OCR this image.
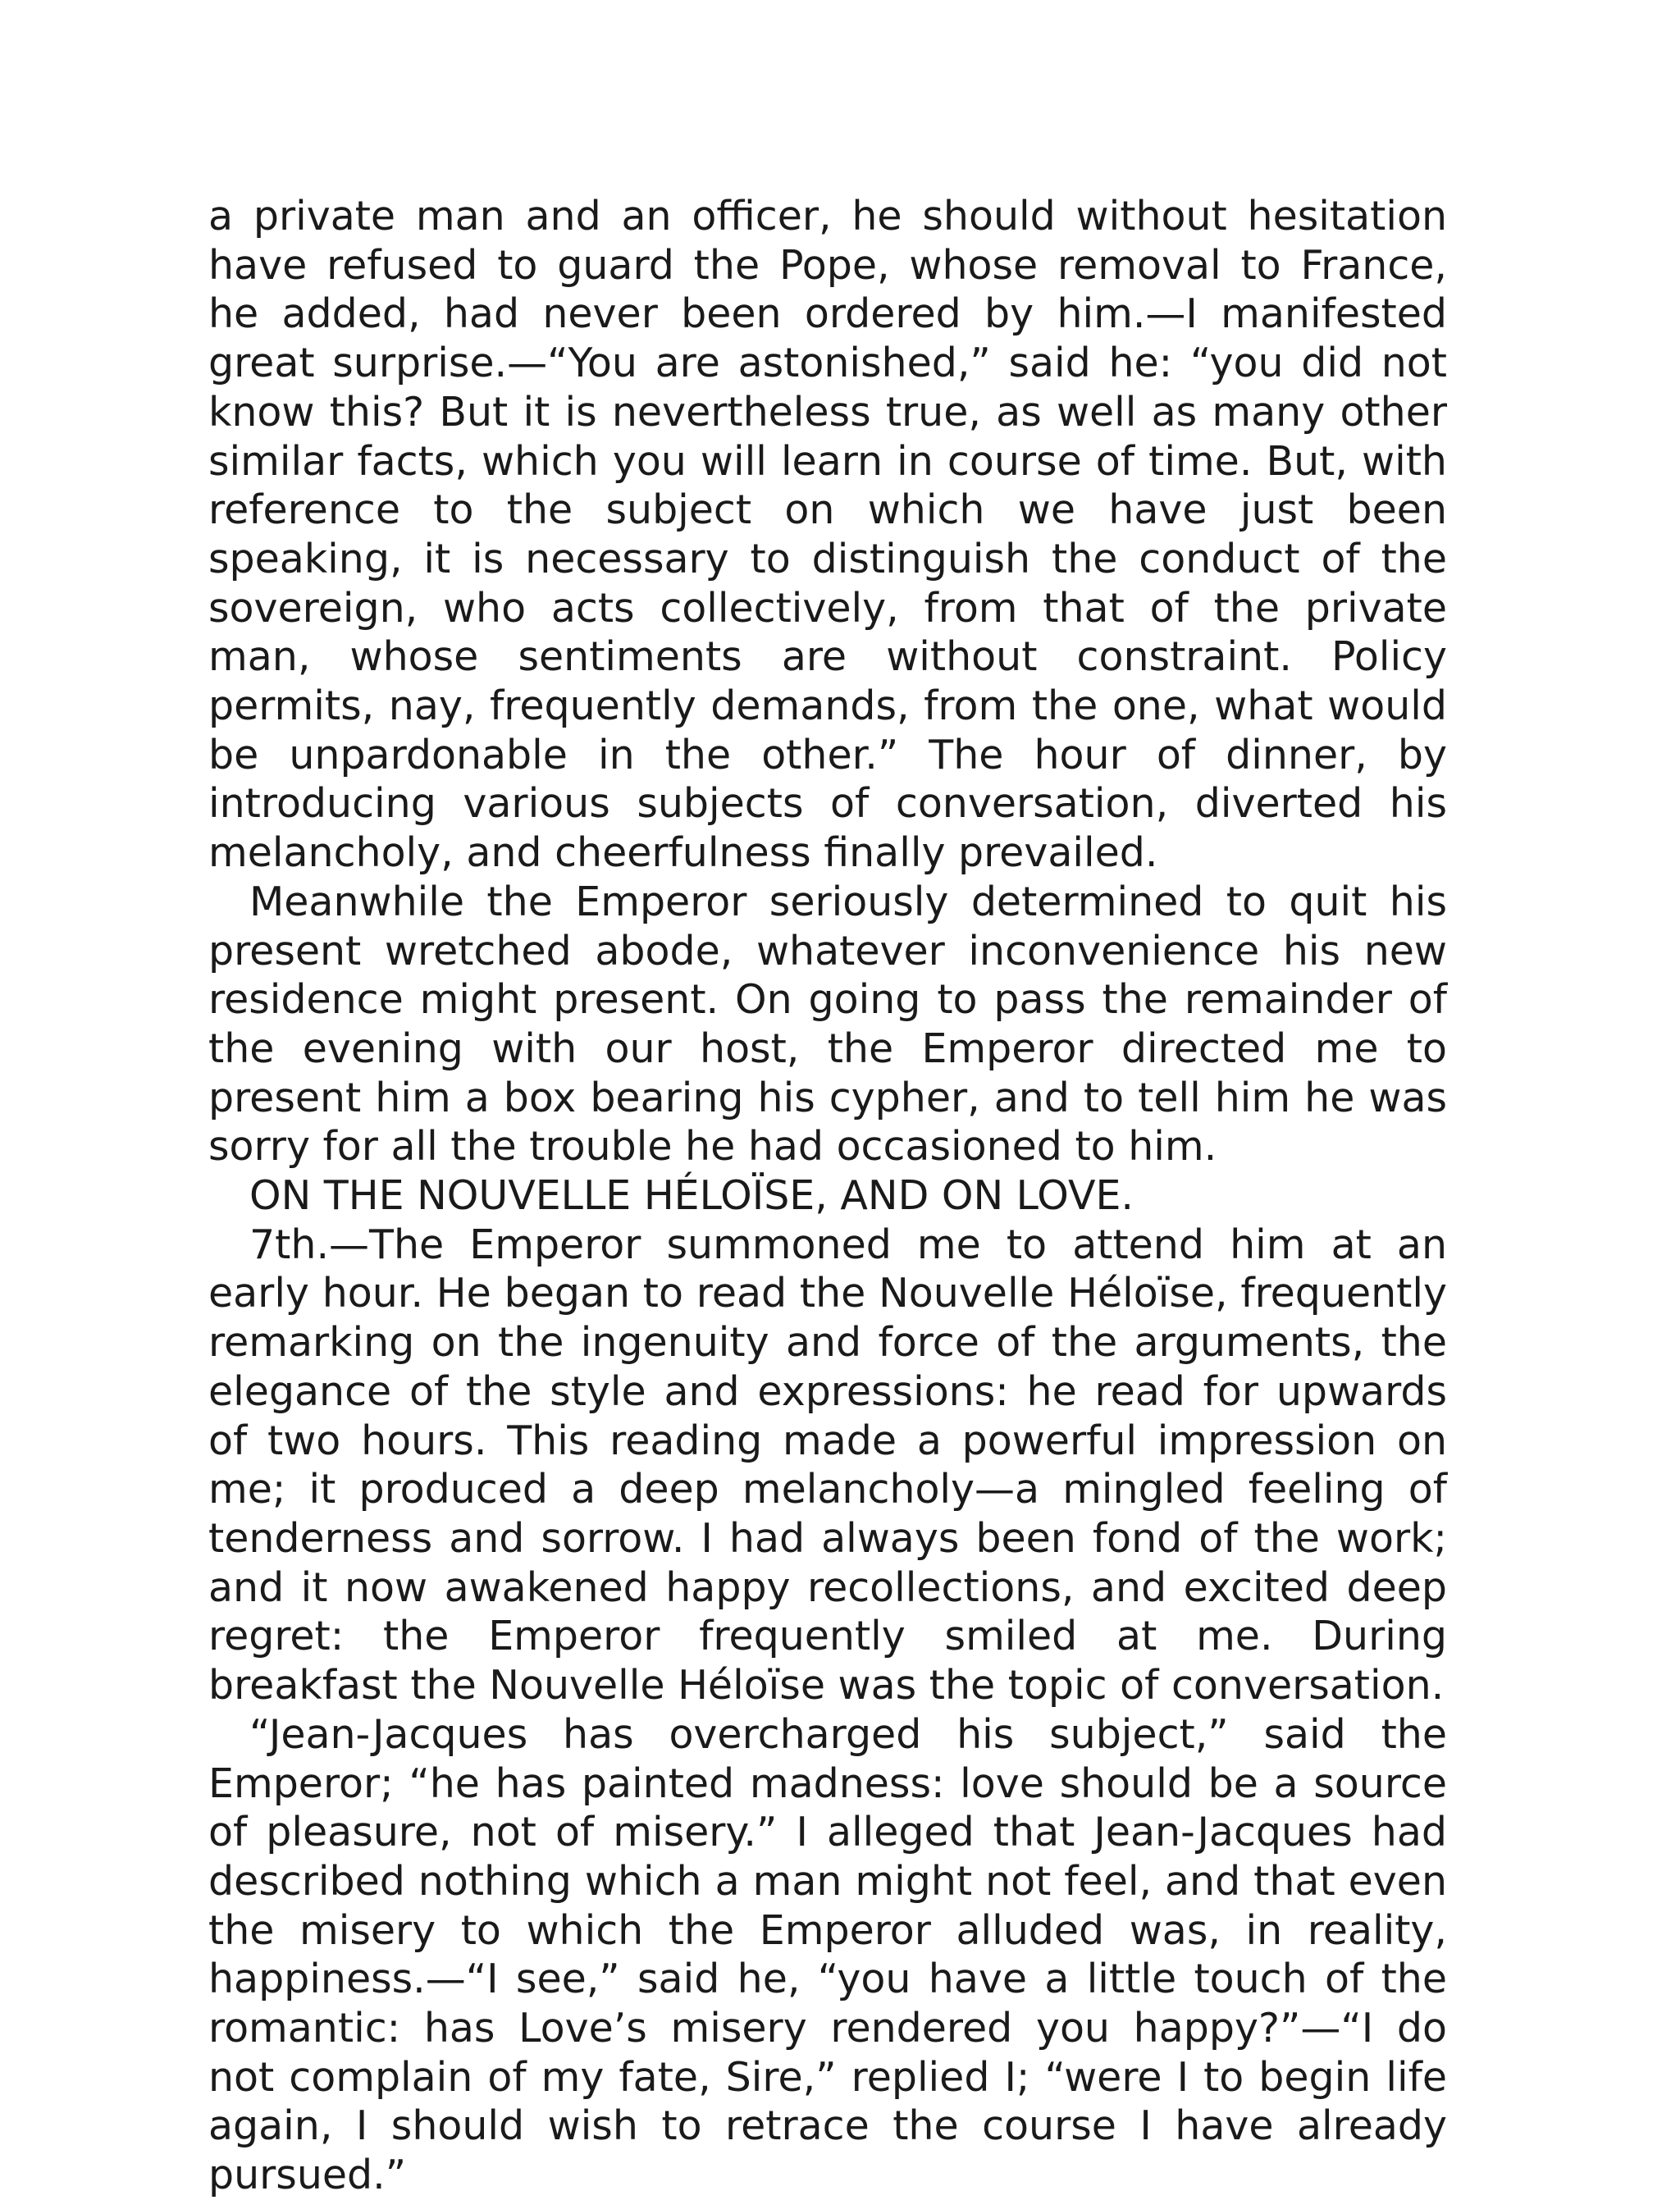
a private man and an officer, he should without hesitation have refused to guard the Pope, whose removal to France, he added, had never been ordered by him.—I manifested great surprise.—“You are astonished,” said he: “you did not know this? But it is nevertheless true, as well as many other similar facts, which you will learn in course of time. But, with reference to the subject on which we have just been speaking, it is necessary to distinguish the conduct of the sovereign, who acts collectively, from that of the private man, whose sentiments are without constraint. Policy permits, nay, frequently demands, from the one, what would be unpardonable in the other.” The hour of dinner, by introducing various subjects of conversation, diverted his melancholy, and cheerfulness finally prevailed.

Meanwhile the Emperor seriously determined to quit his present wretched abode, whatever inconvenience his new residence might present. On going to pass the remainder of the evening with our host, the Emperor directed me to present him a box bearing his cypher, and to tell him he was sorry for all the trouble he had occasioned to him.

ON THE NOUVELLE HÉLOÏSE, AND ON LOVE.

7th.—The Emperor summoned me to attend him at an early hour. He began to read the Nouvelle Héloïse, frequently remarking on the ingenuity and force of the arguments, the elegance of the style and expressions: he read for upwards of two hours. This reading made a powerful impression on me; it produced a deep melancholy—a mingled feeling of tenderness and sorrow. I had always been fond of the work; and it now awakened happy recollections, and excited deep regret: the Emperor frequently smiled at me. During breakfast the Nouvelle Héloïse was the topic of conversation.

“Jean-Jacques has overcharged his subject,” said the Emperor; “he has painted madness: love should be a source of pleasure, not of misery.” I alleged that Jean-Jacques had described nothing which a man might not feel, and that even the misery to which the Emperor alluded was, in reality, happiness.—“I see,” said he, “you have a little touch of the romantic: has Love’s misery rendered you happy?”—“I do not complain of my fate, Sire,” replied I; “were I to begin life again, I should wish to retrace the course I have already pursued.”
